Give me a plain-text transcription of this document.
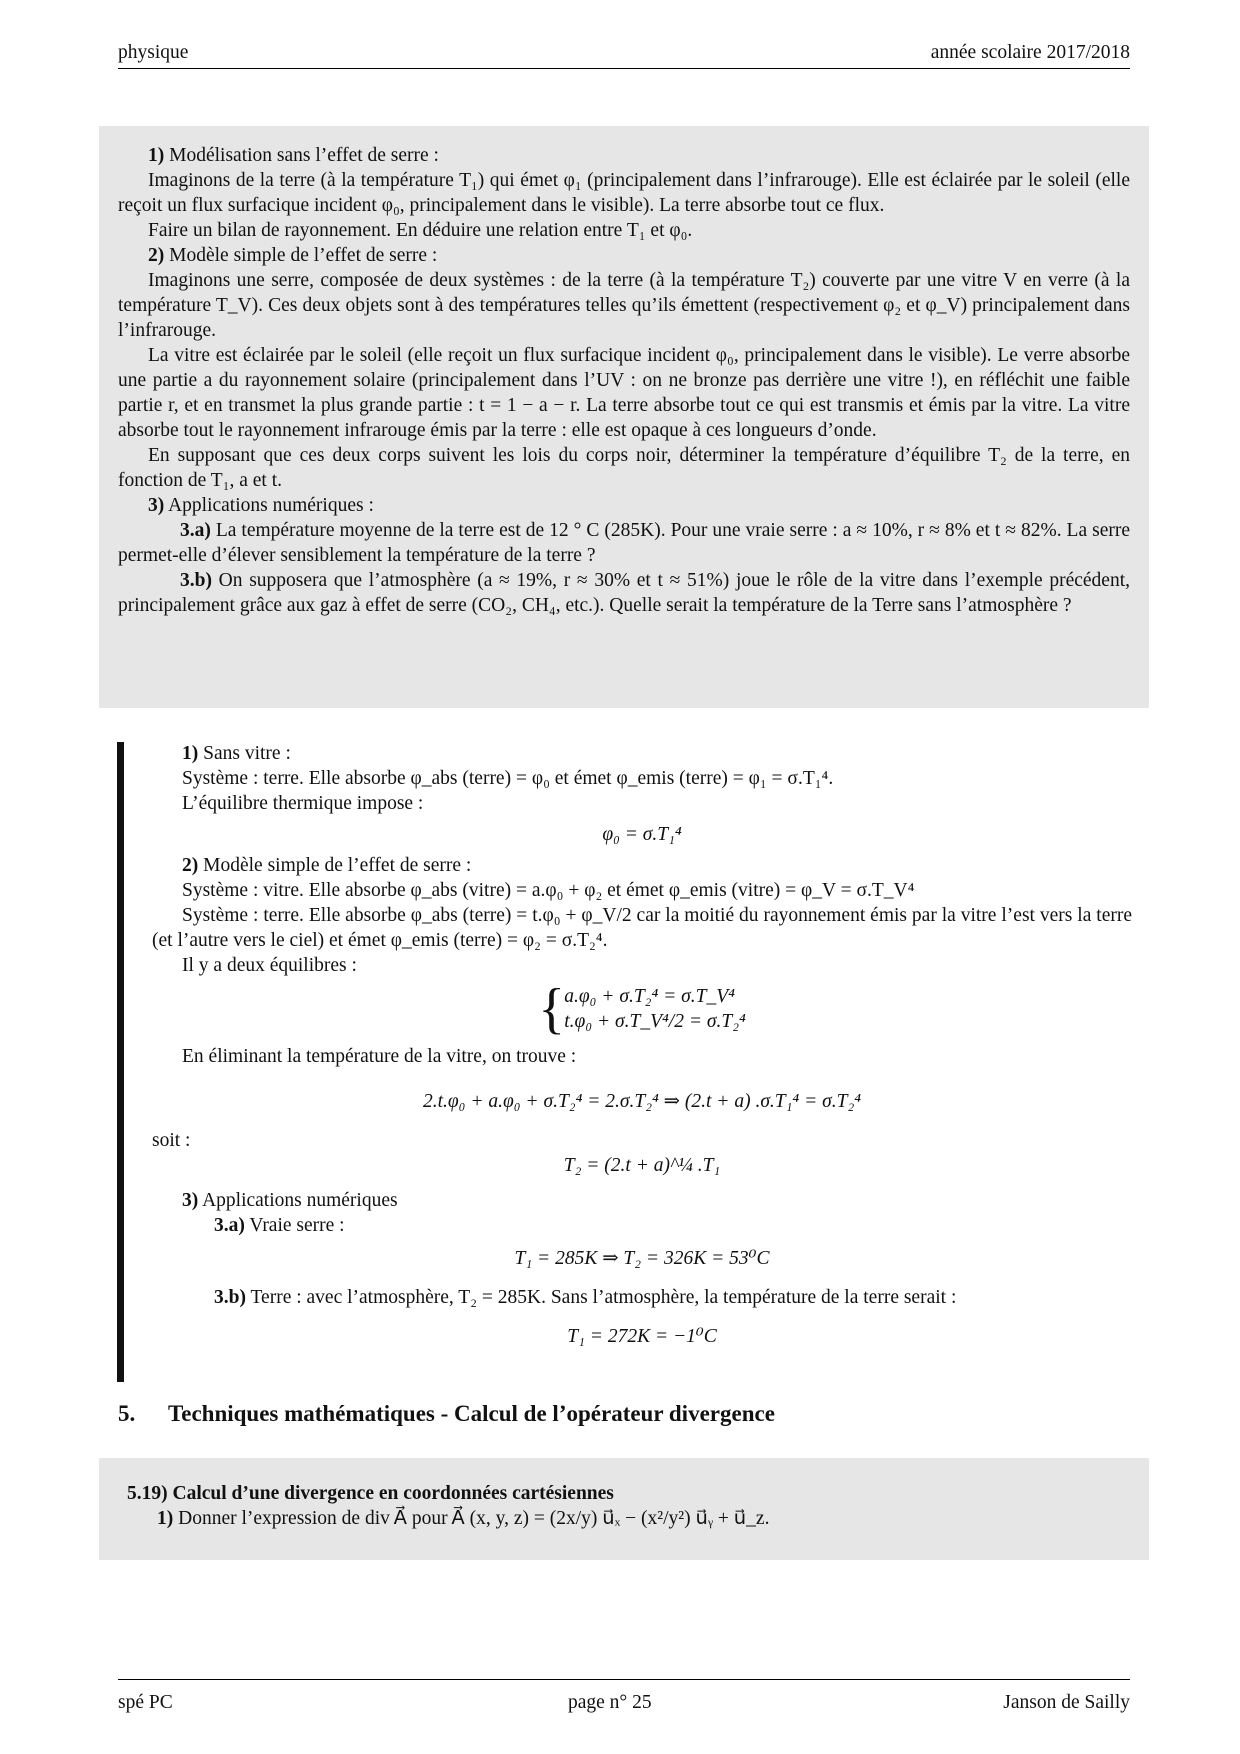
physique	année scolaire 2017/2018

1) Modélisation sans l’effet de serre :

Imaginons de la terre (à la température T₁) qui émet φ₁ (principalement dans l’infrarouge). Elle est éclairée par le soleil (elle reçoit un flux surfacique incident φ₀, principalement dans le visible). La terre absorbe tout ce flux.

Faire un bilan de rayonnement. En déduire une relation entre T₁ et φ₀.

2) Modèle simple de l’effet de serre :

Imaginons une serre, composée de deux systèmes : de la terre (à la température T₂) couverte par une vitre V en verre (à la température T_V). Ces deux objets sont à des températures telles qu’ils émettent (respectivement φ₂ et φ_V) principalement dans l’infrarouge.

La vitre est éclairée par le soleil (elle reçoit un flux surfacique incident φ₀, principalement dans le visible). Le verre absorbe une partie a du rayonnement solaire (principalement dans l’UV : on ne bronze pas derrière une vitre !), en réfléchit une faible partie r, et en transmet la plus grande partie : t = 1 − a − r. La terre absorbe tout ce qui est transmis et émis par la vitre. La vitre absorbe tout le rayonnement infrarouge émis par la terre : elle est opaque à ces longueurs d’onde.

En supposant que ces deux corps suivent les lois du corps noir, déterminer la température d’équilibre T₂ de la terre, en fonction de T₁, a et t.

3) Applications numériques :

3.a) La température moyenne de la terre est de 12 ° C (285K). Pour une vraie serre : a ≈ 10%, r ≈ 8% et t ≈ 82%. La serre permet-elle d’élever sensiblement la température de la terre ?

3.b) On supposera que l’atmosphère (a ≈ 19%, r ≈ 30% et t ≈ 51%) joue le rôle de la vitre dans l’exemple précédent, principalement grâce aux gaz à effet de serre (CO₂, CH₄, etc.). Quelle serait la température de la Terre sans l’atmosphère ?

1) Sans vitre :

Système : terre. Elle absorbe φ_abs (terre) = φ₀ et émet φ_emis (terre) = φ₁ = σ.T₁⁴.

L’équilibre thermique impose :

φ₀ = σ.T₁⁴

2) Modèle simple de l’effet de serre :

Système : vitre. Elle absorbe φ_abs (vitre) = a.φ₀ + φ₂ et émet φ_emis (vitre) = φ_V = σ.T_V⁴

Système : terre. Elle absorbe φ_abs (terre) = t.φ₀ + φ_V/2 car la moitié du rayonnement émis par la vitre l’est vers la terre (et l’autre vers le ciel) et émet φ_emis (terre) = φ₂ = σ.T₂⁴.

Il y a deux équilibres :

{ a.φ₀ + σ.T₂⁴ = σ.T_V⁴
t.φ₀ + σ.T_V⁴/2 = σ.T₂⁴

En éliminant la température de la vitre, on trouve :

2.t.φ₀ + a.φ₀ + σ.T₂⁴ = 2.σ.T₂⁴ ⇒ (2.t + a) .σ.T₁⁴ = σ.T₂⁴

soit :

T₂ = (2.t + a)^¼ .T₁

3) Applications numériques

3.a) Vraie serre :

T₁ = 285K ⇒ T₂ = 326K = 53⁰C

3.b) Terre : avec l’atmosphère, T₂ = 285K. Sans l’atmosphère, la température de la terre serait :

T₁ = 272K = −1⁰C

5. Techniques mathématiques - Calcul de l’opérateur divergence

5.19) Calcul d’une divergence en coordonnées cartésiennes

1) Donner l’expression de div A⃗ pour A⃗ (x, y, z) = (2x/y) u⃗ₓ − (x²/y²) u⃗ᵧ + u⃗_z.

spé PC	page n° 25	Janson de Sailly
